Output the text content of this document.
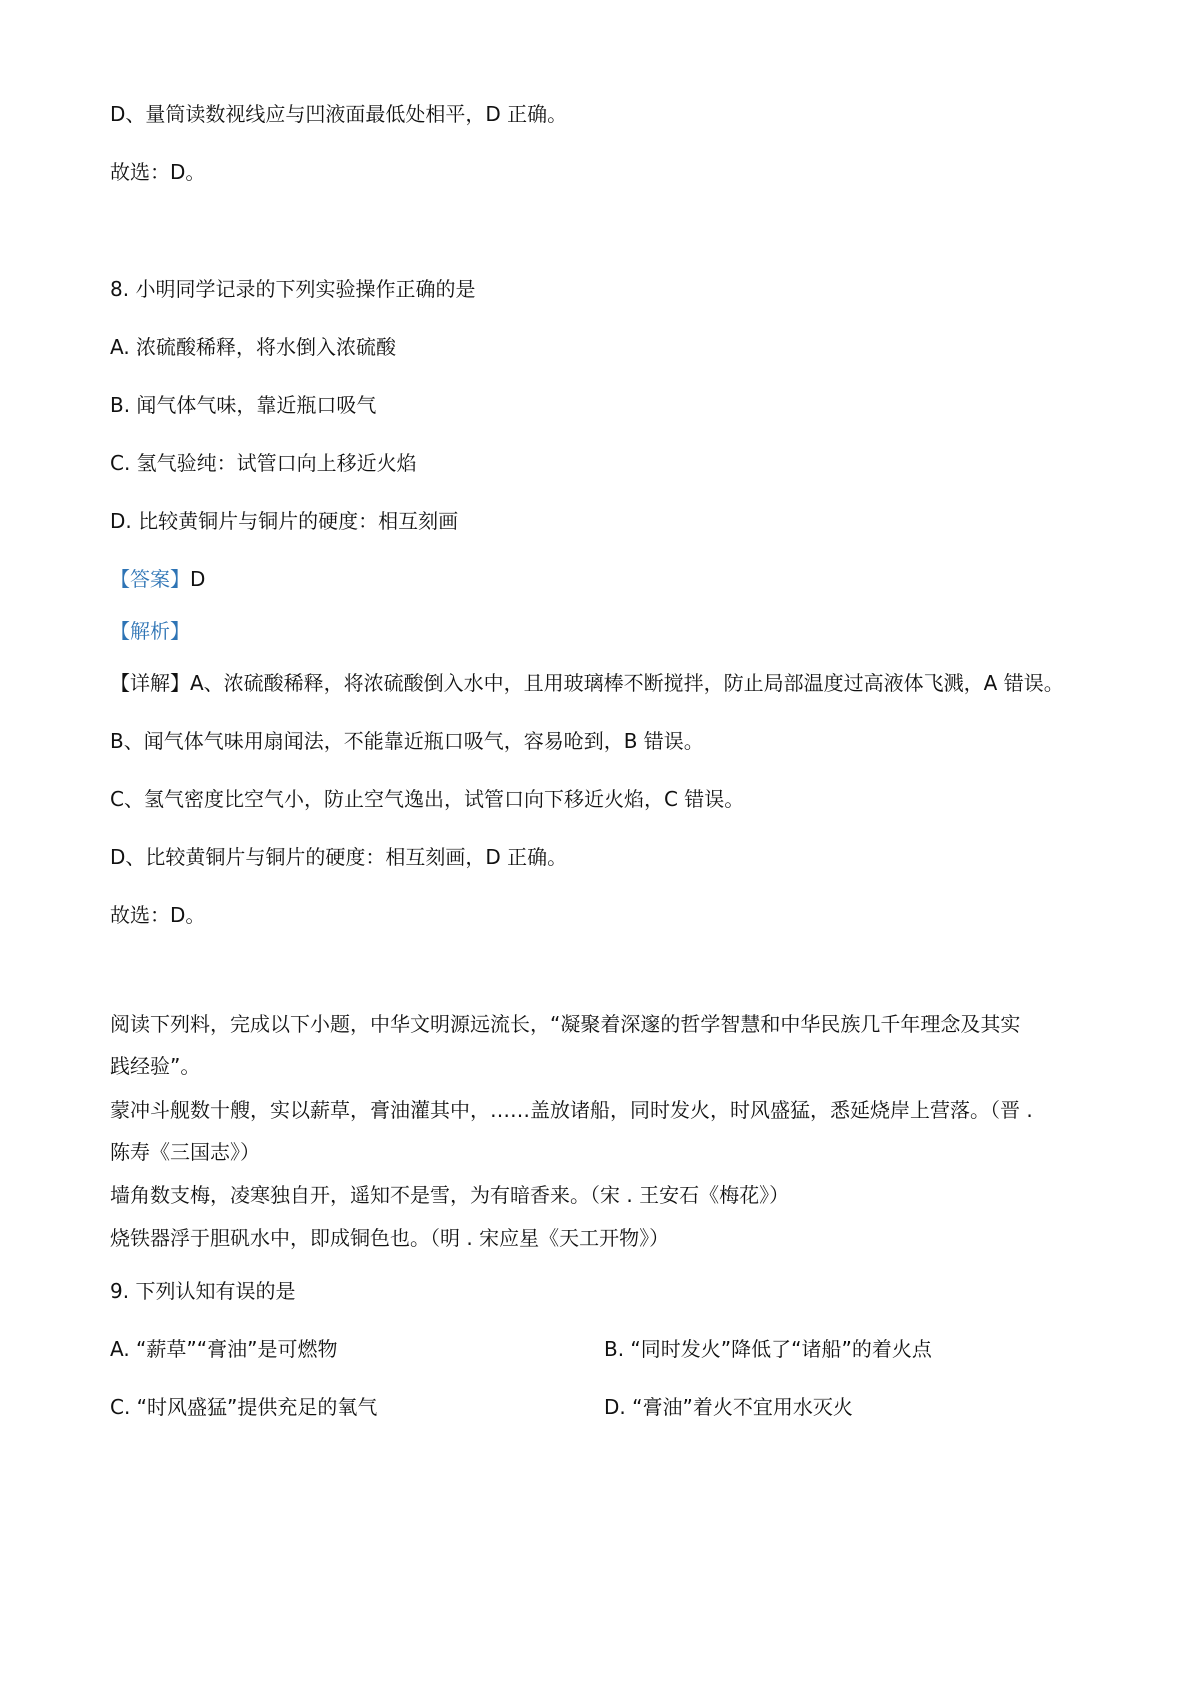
D、量筒读数视线应与凹液面最低处相平，D 正确。
故选：D。
8. 小明同学记录的下列实验操作正确的是
A. 浓硫酸稀释，将水倒入浓硫酸
B. 闻气体气味，靠近瓶口吸气
C. 氢气验纯：试管口向上移近火焰
D. 比较黄铜片与铜片的硬度：相互刻画
【答案】D
【解析】
【详解】A、浓硫酸稀释，将浓硫酸倒入水中，且用玻璃棒不断搅拌，防止局部温度过高液体飞溅，A 错误。
B、闻气体气味用扇闻法，不能靠近瓶口吸气，容易呛到，B 错误。
C、氢气密度比空气小，防止空气逸出，试管口向下移近火焰，C 错误。
D、比较黄铜片与铜片的硬度：相互刻画，D 正确。
故选：D。
阅读下列料，完成以下小题，中华文明源远流长，“凝聚着深邃的哲学智慧和中华民族几千年理念及其实
践经验”。
蒙冲斗舰数十艘，实以薪草，膏油灌其中，……盖放诸船，同时发火，时风盛猛，悉延烧岸上营落。（晋 .
陈寿《三国志》）
墙角数支梅，凌寒独自开，遥知不是雪，为有暗香来。（宋 . 王安石《梅花》）
烧铁器浮于胆矾水中，即成铜色也。（明 . 宋应星《天工开物》）
9. 下列认知有误的是
A. “薪草”“膏油”是可燃物	B. “同时发火”降低了“诸船”的着火点
C. “时风盛猛”提供充足的氧气	D. “膏油”着火不宜用水灭火
